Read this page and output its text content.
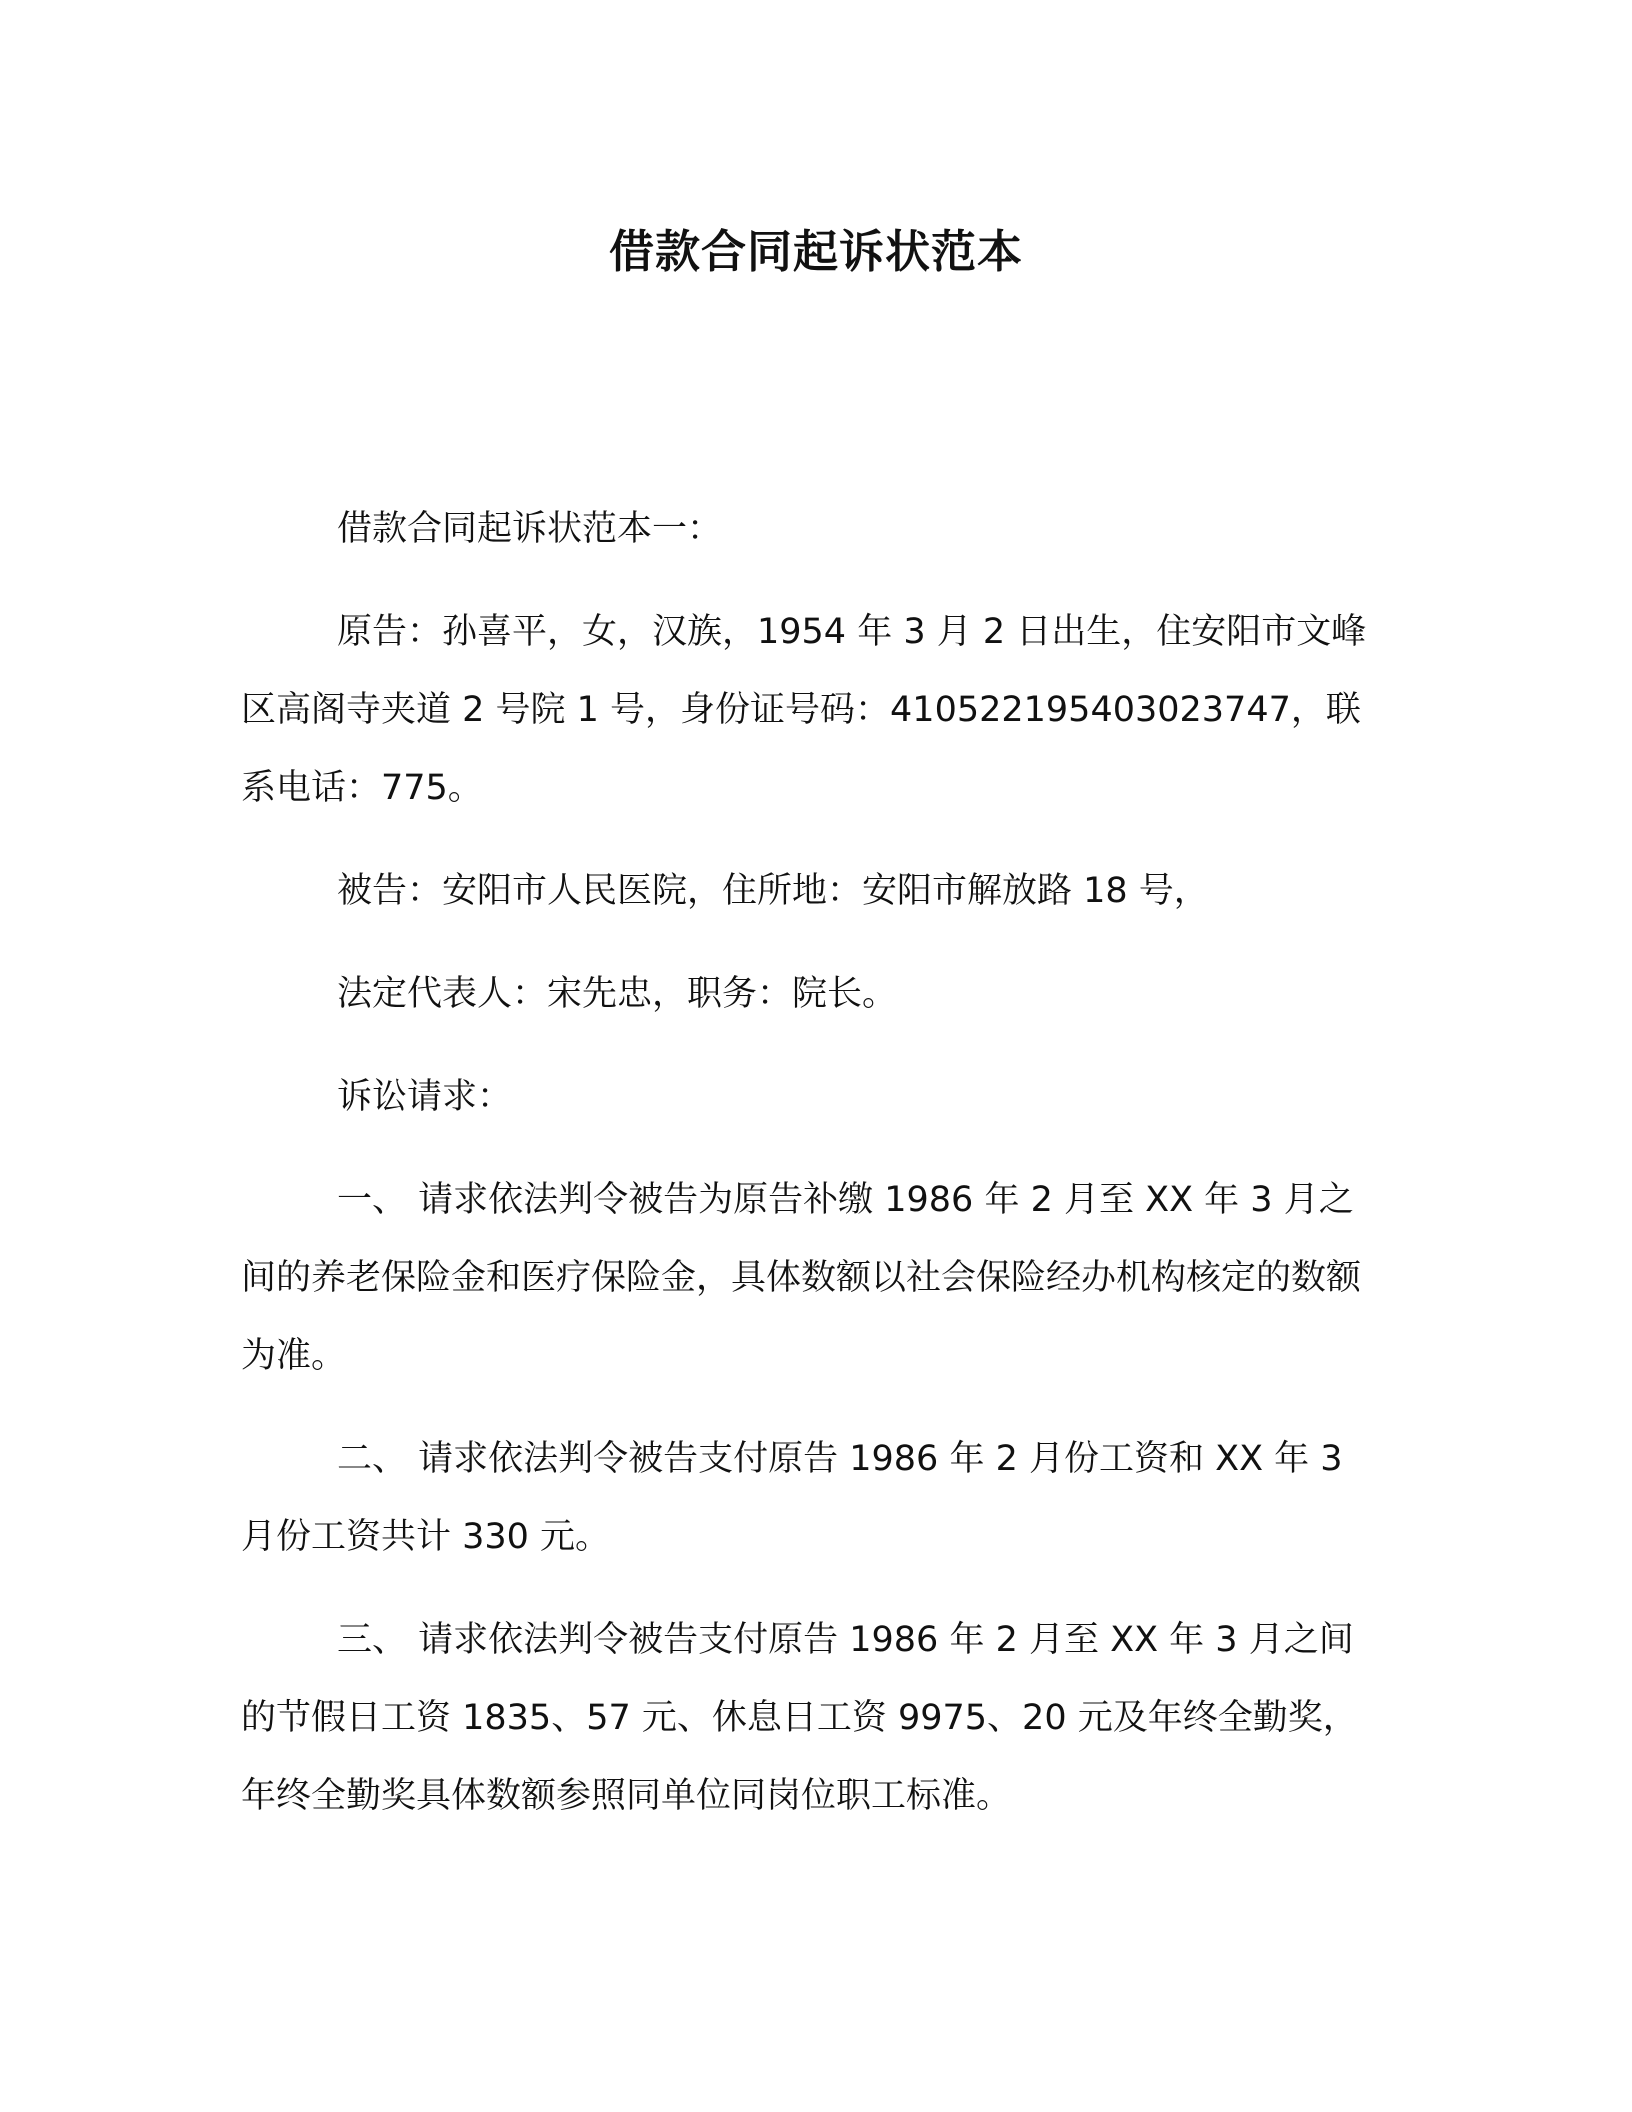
借款合同起诉状范本

借款合同起诉状范本一：

原告：孙喜平，女，汉族，1954 年 3 月 2 日出生，住安阳市文峰区高阁寺夹道 2 号院 1 号，身份证号码：410522195403023747，联系电话：775。

被告：安阳市人民医院，住所地：安阳市解放路 18 号，

法定代表人：宋先忠，职务：院长。

诉讼请求：

一、 请求依法判令被告为原告补缴 1986 年 2 月至 XX 年 3 月之间的养老保险金和医疗保险金，具体数额以社会保险经办机构核定的数额为准。

二、 请求依法判令被告支付原告 1986 年 2 月份工资和 XX 年 3 月份工资共计 330 元。

三、 请求依法判令被告支付原告 1986 年 2 月至 XX 年 3 月之间的节假日工资 1835、57 元、休息日工资 9975、20 元及年终全勤奖，年终全勤奖具体数额参照同单位同岗位职工标准。
